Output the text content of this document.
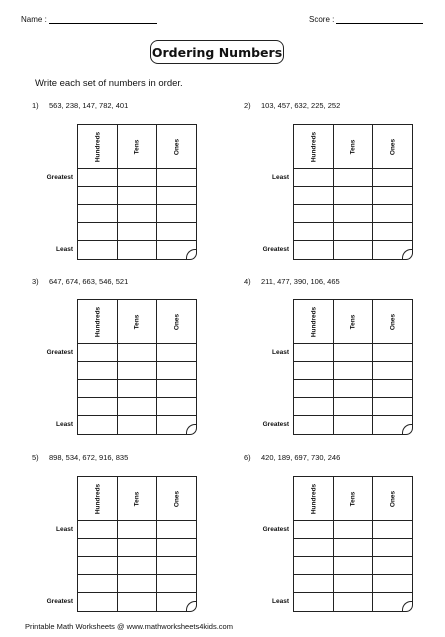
Name :	Score :
Ordering Numbers
Write each set of numbers in order.
1) 563, 238, 147, 782, 401
Greatest
Least
Hundreds	Tens	Ones
2) 103, 457, 632, 225, 252
Least
Greatest
Hundreds	Tens	Ones
3) 647, 674, 663, 546, 521
Greatest
Least
Hundreds	Tens	Ones
4) 211, 477, 390, 106, 465
Least
Greatest
Hundreds	Tens	Ones
5) 898, 534, 672, 916, 835
Least
Greatest
Hundreds	Tens	Ones
6) 420, 189, 697, 730, 246
Greatest
Least
Hundreds	Tens	Ones
Printable Math Worksheets @ www.mathworksheets4kids.com
